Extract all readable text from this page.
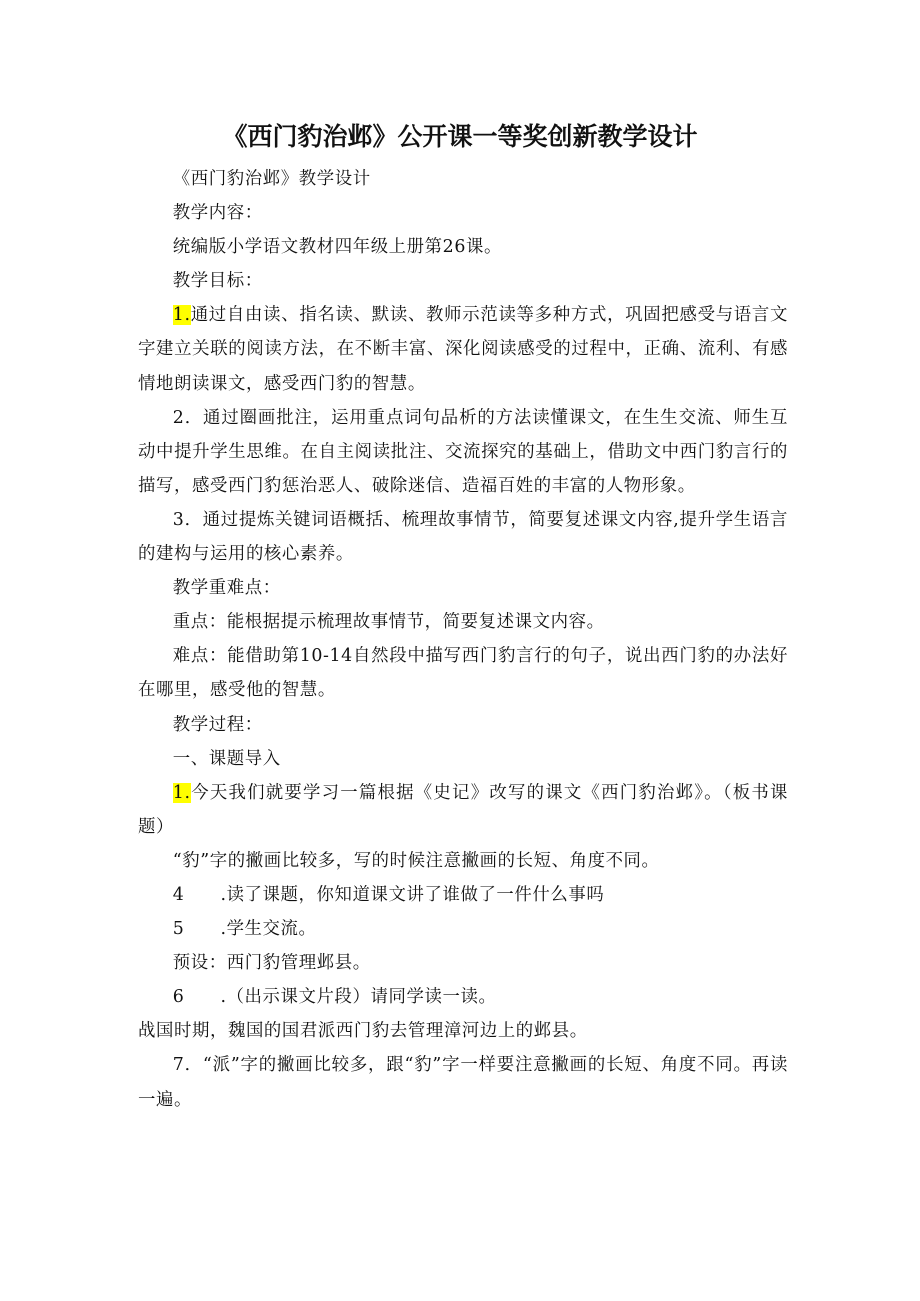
《西门豹治邺》公开课一等奖创新教学设计

《西门豹治邺》教学设计

教学内容：

统编版小学语文教材四年级上册第26课。

教学目标：

1.通过自由读、指名读、默读、教师示范读等多种方式，巩固把感受与语言文字建立关联的阅读方法，在不断丰富、深化阅读感受的过程中，正确、流利、有感情地朗读课文，感受西门豹的智慧。

2．通过圈画批注，运用重点词句品析的方法读懂课文，在生生交流、师生互动中提升学生思维。在自主阅读批注、交流探究的基础上，借助文中西门豹言行的描写，感受西门豹惩治恶人、破除迷信、造福百姓的丰富的人物形象。

3．通过提炼关键词语概括、梳理故事情节，简要复述课文内容,提升学生语言的建构与运用的核心素养。

教学重难点：

重点：能根据提示梳理故事情节，简要复述课文内容。

难点：能借助第10-14自然段中描写西门豹言行的句子，说出西门豹的办法好在哪里，感受他的智慧。

教学过程：

一、课题导入

1.今天我们就要学习一篇根据《史记》改写的课文《西门豹治邺》。（板书课题）

“豹”字的撇画比较多，写的时候注意撇画的长短、角度不同。

4　　.读了课题，你知道课文讲了谁做了一件什么事吗

5　　.学生交流。

预设：西门豹管理邺县。

6　　.（出示课文片段）请同学读一读。

战国时期，魏国的国君派西门豹去管理漳河边上的邺县。

7．“派”字的撇画比较多，跟“豹”字一样要注意撇画的长短、角度不同。再读一遍。
